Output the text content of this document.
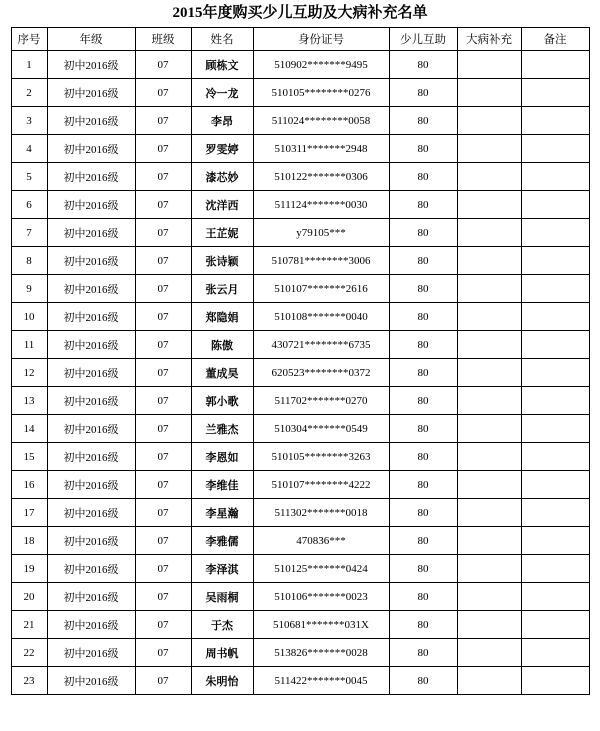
2015年度购买少儿互助及大病补充名单
序号	年级	班级	姓名	身份证号	少儿互助	大病补充	备注
1	初中2016级	07	顾栋文	510902*******9495	80		
2	初中2016级	07	冷一龙	510105********0276	80		
3	初中2016级	07	李昂	511024********0058	80		
4	初中2016级	07	罗雯婷	510311*******2948	80		
5	初中2016级	07	漆芯妙	510122*******0306	80		
6	初中2016级	07	沈洋西	511124*******0030	80		
7	初中2016级	07	王芷妮	y79105***	80		
8	初中2016级	07	张诗颖	510781********3006	80		
9	初中2016级	07	张云月	510107*******2616	80		
10	初中2016级	07	郑隐娟	510108*******0040	80		
11	初中2016级	07	陈傲	430721********6735	80		
12	初中2016级	07	董成昊	620523********0372	80		
13	初中2016级	07	郭小歌	511702*******0270	80		
14	初中2016级	07	兰雅杰	510304*******0549	80		
15	初中2016级	07	李恩如	510105********3263	80		
16	初中2016级	07	李维佳	510107********4222	80		
17	初中2016级	07	李星瀚	511302*******0018	80		
18	初中2016级	07	李雅儒	470836***	80		
19	初中2016级	07	李泽淇	510125*******0424	80		
20	初中2016级	07	吴雨桐	510106*******0023	80		
21	初中2016级	07	于杰	510681*******031X	80		
22	初中2016级	07	周书帆	513826*******0028	80		
23	初中2016级	07	朱明怡	511422*******0045	80		
